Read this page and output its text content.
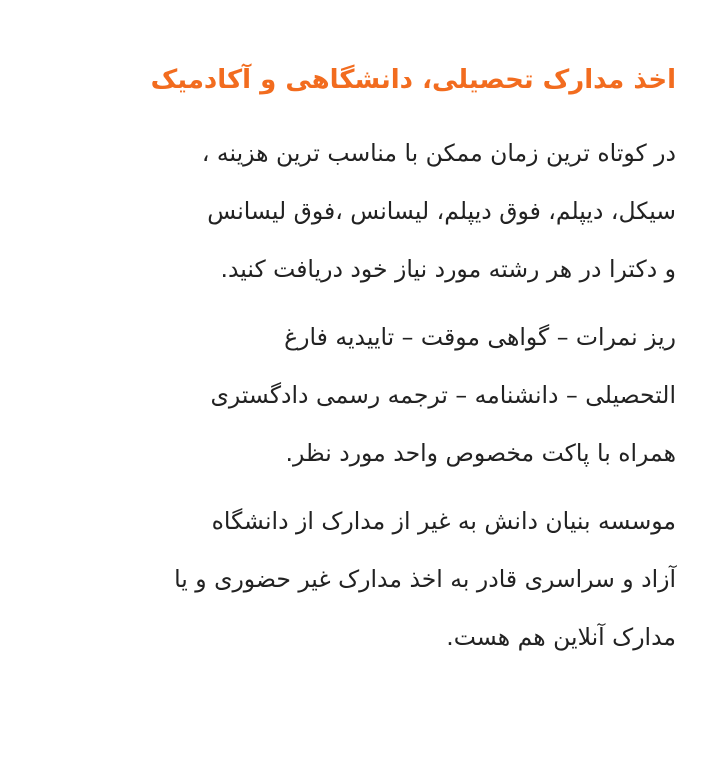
اخذ مدارک تحصیلی، دانشگاهی و آکادمیک

در کوتاه ترین زمان ممکن با مناسب ترین هزینه ،
سیکل، دیپلم، فوق دیپلم، لیسانس ،فوق لیسانس
و دکترا در هر رشته مورد نیاز خود دریافت کنید.

ریز نمرات – گواهی موقت – تاییدیه فارغ
التحصیلی – دانشنامه – ترجمه رسمی دادگستری
همراه با پاکت مخصوص واحد مورد نظر.

موسسه بنیان دانش به غیر از مدارک از دانشگاه
آزاد و سراسری قادر به اخذ مدارک غیر حضوری و یا
مدارک آنلاین هم هست.
